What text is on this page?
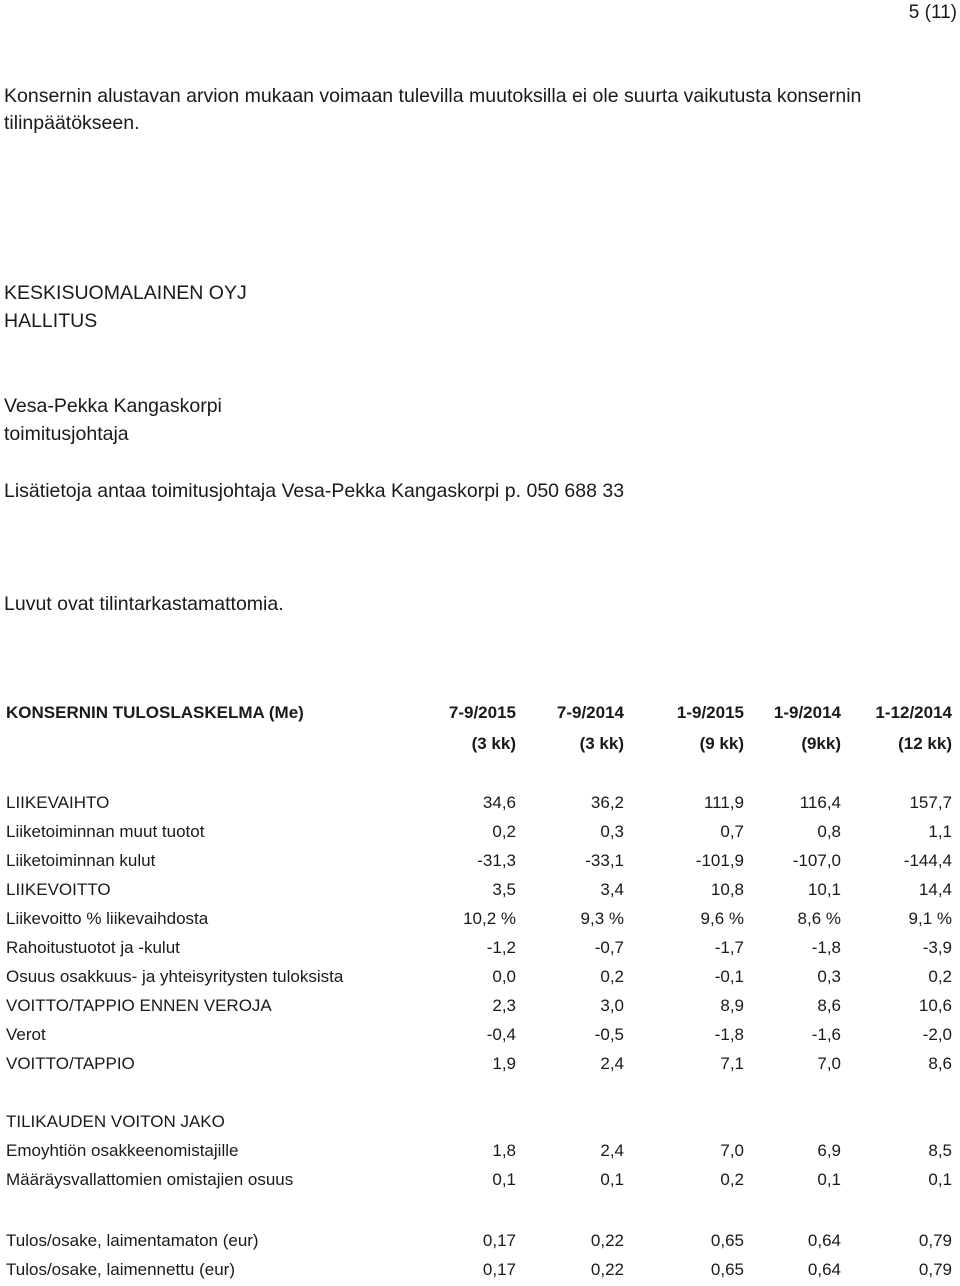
5 (11)
Konsernin alustavan arvion mukaan voimaan tulevilla muutoksilla ei ole suurta vaikutusta konsernin tilinpäätökseen.
KESKISUOMALAINEN OYJ
HALLITUS
Vesa-Pekka Kangaskorpi
toimitusjohtaja
Lisätietoja antaa toimitusjohtaja Vesa-Pekka Kangaskorpi p. 050 688 33
Luvut ovat tilintarkastamattomia.
KONSERNIN TULOSLASKELMA (Me)	7-9/2015 7-9/2014	1-9/2015 1-9/2014 1-12/2014
(3 kk)	(3 kk)	(9 kk)	(9kk)	(12 kk)
LIIKEVAIHTO	34,6	36,2	111,9	116,4	157,7
Liiketoiminnan muut tuotot	0,2	0,3	0,7	0,8	1,1
Liiketoiminnan kulut	-31,3	-33,1	-101,9	-107,0	-144,4
LIIKEVOITTO	3,5	3,4	10,8	10,1	14,4
Liikevoitto % liikevaihdosta	10,2 %	9,3 %	9,6 %	8,6 %	9,1 %
Rahoitustuotot ja -kulut	-1,2	-0,7	-1,7	-1,8	-3,9
Osuus osakkuus- ja yhteisyritysten tuloksista	0,0	0,2	-0,1	0,3	0,2
VOITTO/TAPPIO ENNEN VEROJA	2,3	3,0	8,9	8,6	10,6
Verot	-0,4	-0,5	-1,8	-1,6	-2,0
VOITTO/TAPPIO	1,9	2,4	7,1	7,0	8,6
TILIKAUDEN VOITON JAKO
Emoyhtiön osakkeenomistajille	1,8	2,4	7,0	6,9	8,5
Määräysvallattomien omistajien osuus	0,1	0,1	0,2	0,1	0,1
Tulos/osake, laimentamaton (eur)	0,17	0,22	0,65	0,64	0,79
Tulos/osake, laimennettu (eur)	0,17	0,22	0,65	0,64	0,79
